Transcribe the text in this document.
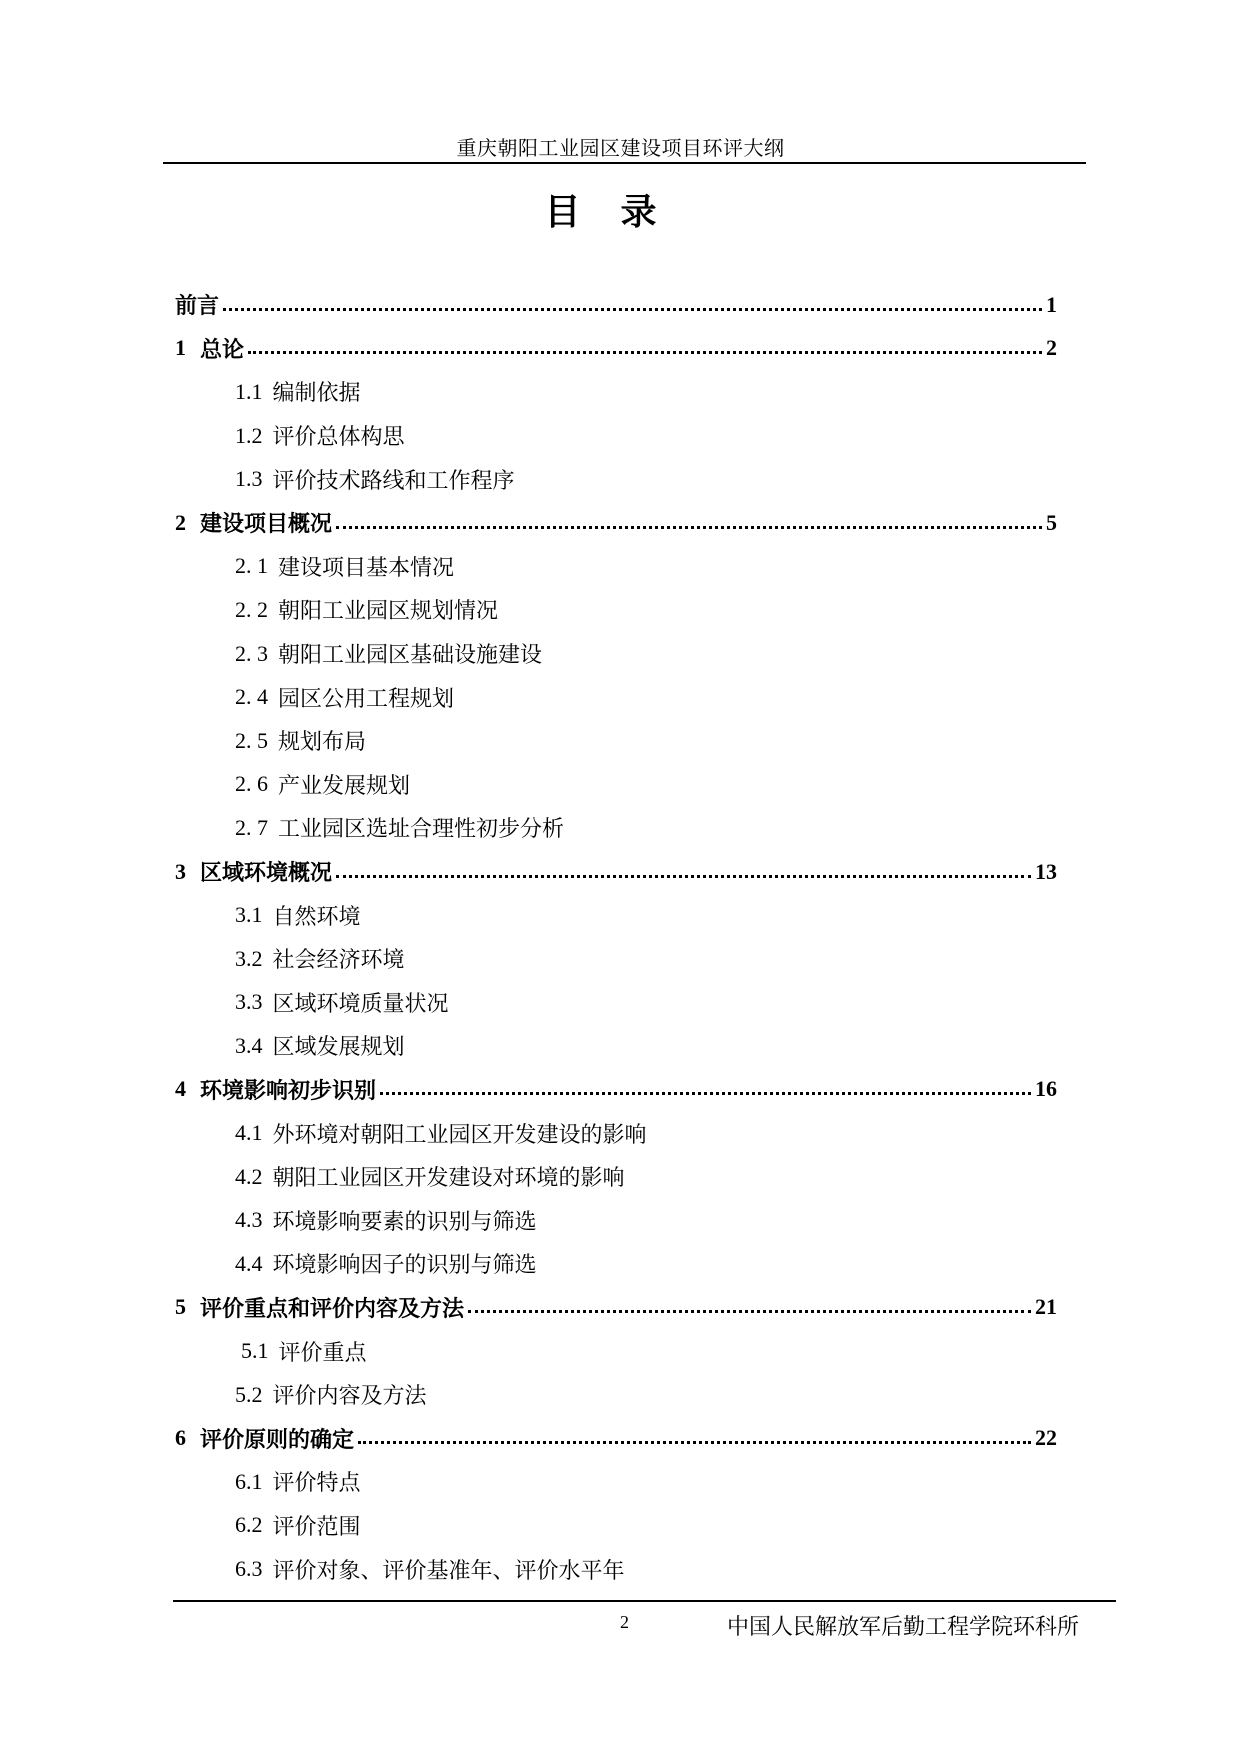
重庆朝阳工业园区建设项目环评大纲
目录
前言	1
1 总论	2
1.1 编制依据
1.2 评价总体构思
1.3 评价技术路线和工作程序
2 建设项目概况	5
2. 1 建设项目基本情况
2. 2 朝阳工业园区规划情况
2. 3 朝阳工业园区基础设施建设
2. 4 园区公用工程规划
2. 5 规划布局
2. 6 产业发展规划
2. 7 工业园区选址合理性初步分析
3 区域环境概况	13
3.1 自然环境
3.2 社会经济环境
3.3 区域环境质量状况
3.4 区域发展规划
4 环境影响初步识别	16
4.1 外环境对朝阳工业园区开发建设的影响
4.2 朝阳工业园区开发建设对环境的影响
4.3 环境影响要素的识别与筛选
4.4 环境影响因子的识别与筛选
5 评价重点和评价内容及方法	21
5.1 评价重点
5.2 评价内容及方法
6 评价原则的确定	22
6.1 评价特点
6.2 评价范围
6.3 评价对象、评价基准年、评价水平年
2	中国人民解放军后勤工程学院环科所
